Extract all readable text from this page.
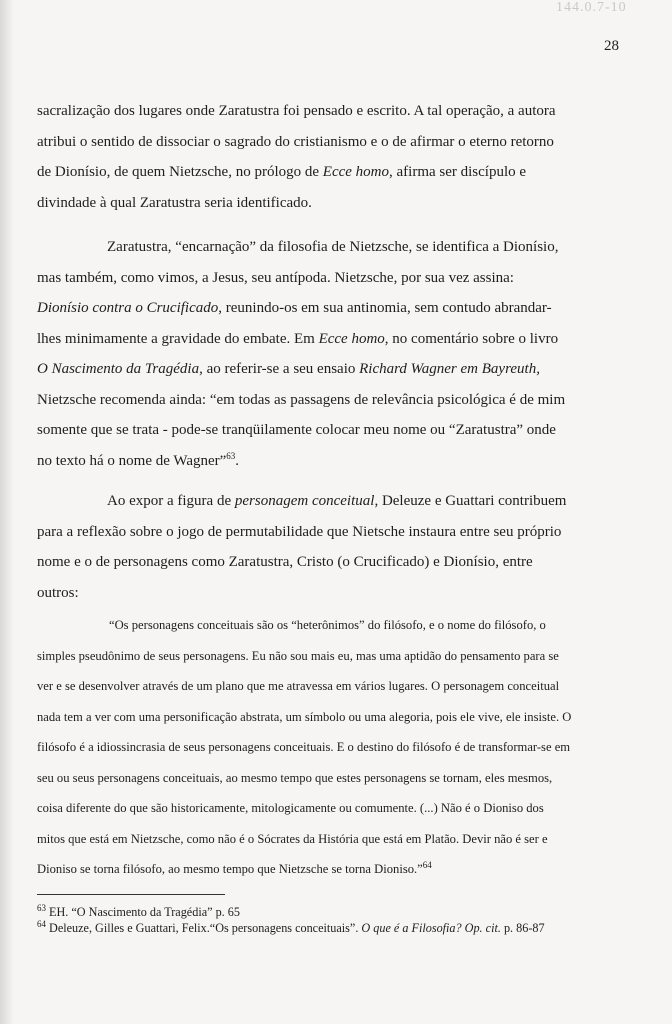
144.0.7-10
28

sacralização dos lugares onde Zaratustra foi pensado e escrito. A tal operação, a autora atribui o sentido de dissociar o sagrado do cristianismo e o de afirmar o eterno retorno de Dionísio, de quem Nietzsche, no prólogo de Ecce homo, afirma ser discípulo e divindade à qual Zaratustra seria identificado.

Zaratustra, “encarnação” da filosofia de Nietzsche, se identifica a Dionísio, mas também, como vimos, a Jesus, seu antípoda. Nietzsche, por sua vez assina: Dionísio contra o Crucificado, reunindo-os em sua antinomia, sem contudo abrandar-lhes minimamente a gravidade do embate. Em Ecce homo, no comentário sobre o livro O Nascimento da Tragédia, ao referir-se a seu ensaio Richard Wagner em Bayreuth, Nietzsche recomenda ainda: “em todas as passagens de relevância psicológica é de mim somente que se trata - pode-se tranqüilamente colocar meu nome ou “Zaratustra” onde no texto há o nome de Wagner”$^{63}$.

Ao expor a figura de personagem conceitual, Deleuze e Guattari contribuem para a reflexão sobre o jogo de permutabilidade que Nietsche instaura entre seu próprio nome e o de personagens como Zaratustra, Cristo (o Crucificado) e Dionísio, entre outros:

“Os personagens conceituais são os “heterônimos” do filósofo, e o nome do filósofo, o simples pseudônimo de seus personagens. Eu não sou mais eu, mas uma aptidão do pensamento para se ver e se desenvolver através de um plano que me atravessa em vários lugares. O personagem conceitual nada tem a ver com uma personificação abstrata, um símbolo ou uma alegoria, pois ele vive, ele insiste. O filósofo é a idiossincrasia de seus personagens conceituais. E o destino do filósofo é de transformar-se em seu ou seus personagens conceituais, ao mesmo tempo que estes personagens se tornam, eles mesmos, coisa diferente do que são historicamente, mitologicamente ou comumente. (...) Não é o Dioniso dos mitos que está em Nietzsche, como não é o Sócrates da História que está em Platão. Devir não é ser e Dioniso se torna filósofo, ao mesmo tempo que Nietzsche se torna Dioniso.”$^{64}$

$^{63}$ EH. “O Nascimento da Tragédia” p. 65

$^{64}$ Deleuze, Gilles e Guattari, Felix.“Os personagens conceituais”. O que é a Filosofia? Op. cit. p. 86-87
